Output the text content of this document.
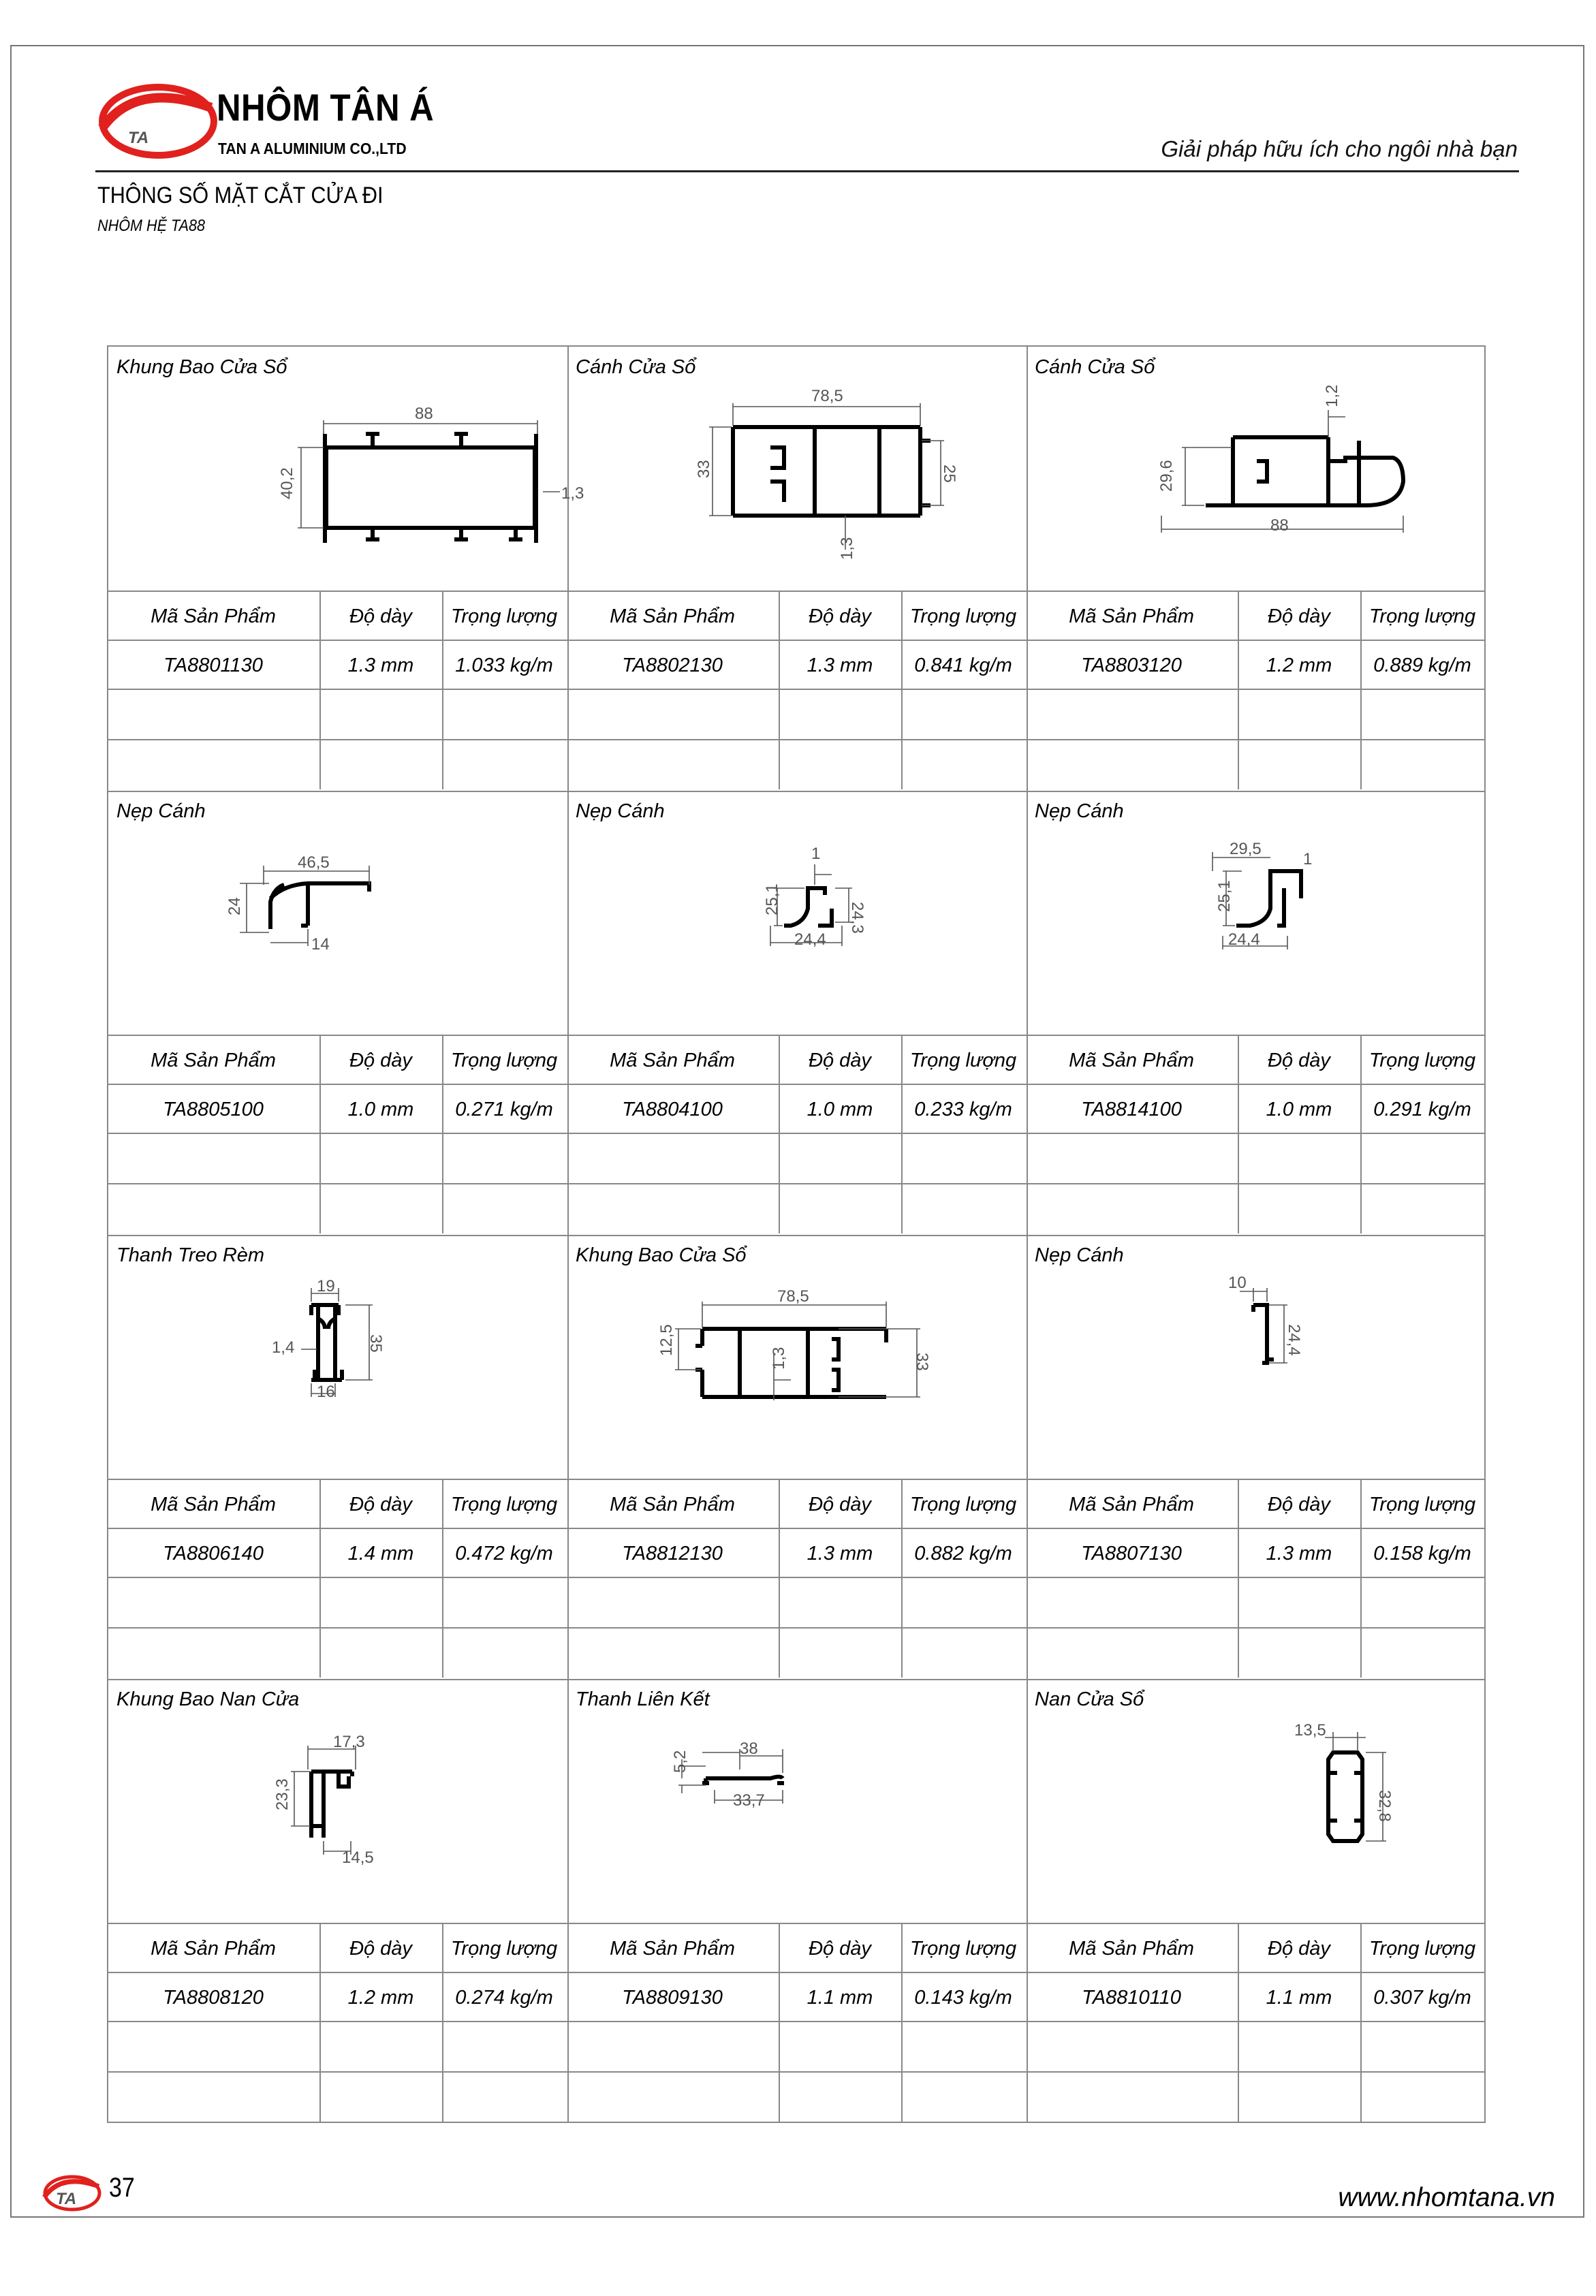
TA
NHÔM TÂN Á
TAN A ALUMINIUM CO.,LTD	Giải pháp hữu ích cho ngôi nhà bạn
THÔNG SỐ MẶT CẮT CỬA ĐI
NHÔM HỆ TA88
Khung Bao Cửa Sổ
88
40,2	1,3
Mã Sản Phẩm	Độ dày	Trọng lượng
TA8801130	1.3 mm	1.033 kg/m
Cánh Cửa Sổ
78,5
33	25
1,3
Mã Sản Phẩm	Độ dày	Trọng lượng
TA8802130	1.3 mm	0.841 kg/m
Cánh Cửa Sổ
1,2
29,6
88
Mã Sản Phẩm	Độ dày	Trọng lượng
TA8803120	1.2 mm	0.889 kg/m
Nẹp Cánh
46,5
24
14
Mã Sản Phẩm	Độ dày	Trọng lượng
TA8805100	1.0 mm	0.271 kg/m
Nẹp Cánh
24,4
1
25,1
24,3
Mã Sản Phẩm	Độ dày	Trọng lượng
TA8804100	1.0 mm	0.233 kg/m
Nẹp Cánh
24,4
29,5
1
25,1
Mã Sản Phẩm	Độ dày	Trọng lượng
TA8814100	1.0 mm	0.291 kg/m
Thanh Treo Rèm
19
1,4	35
16
Mã Sản Phẩm	Độ dày	Trọng lượng
TA8806140	1.4 mm	0.472 kg/m
Khung Bao Cửa Sổ
78,5
12,5
1,3	33
Mã Sản Phẩm	Độ dày	Trọng lượng
TA8812130	1.3 mm	0.882 kg/m
Nẹp Cánh
10
24,4
Mã Sản Phẩm	Độ dày	Trọng lượng
TA8807130	1.3 mm	0.158 kg/m
Khung Bao Nan Cửa
17,3
23,3
14,5
Mã Sản Phẩm	Độ dày	Trọng lượng
TA8808120	1.2 mm	0.274 kg/m
Thanh Liên Kết
38
5,2
33,7
Mã Sản Phẩm	Độ dày	Trọng lượng
TA8809130	1.1 mm	0.143 kg/m
Nan Cửa Sổ
13,5
32,8
Mã Sản Phẩm	Độ dày	Trọng lượng
TA8810110	1.1 mm	0.307 kg/m
TA 37	www.nhomtana.vn
